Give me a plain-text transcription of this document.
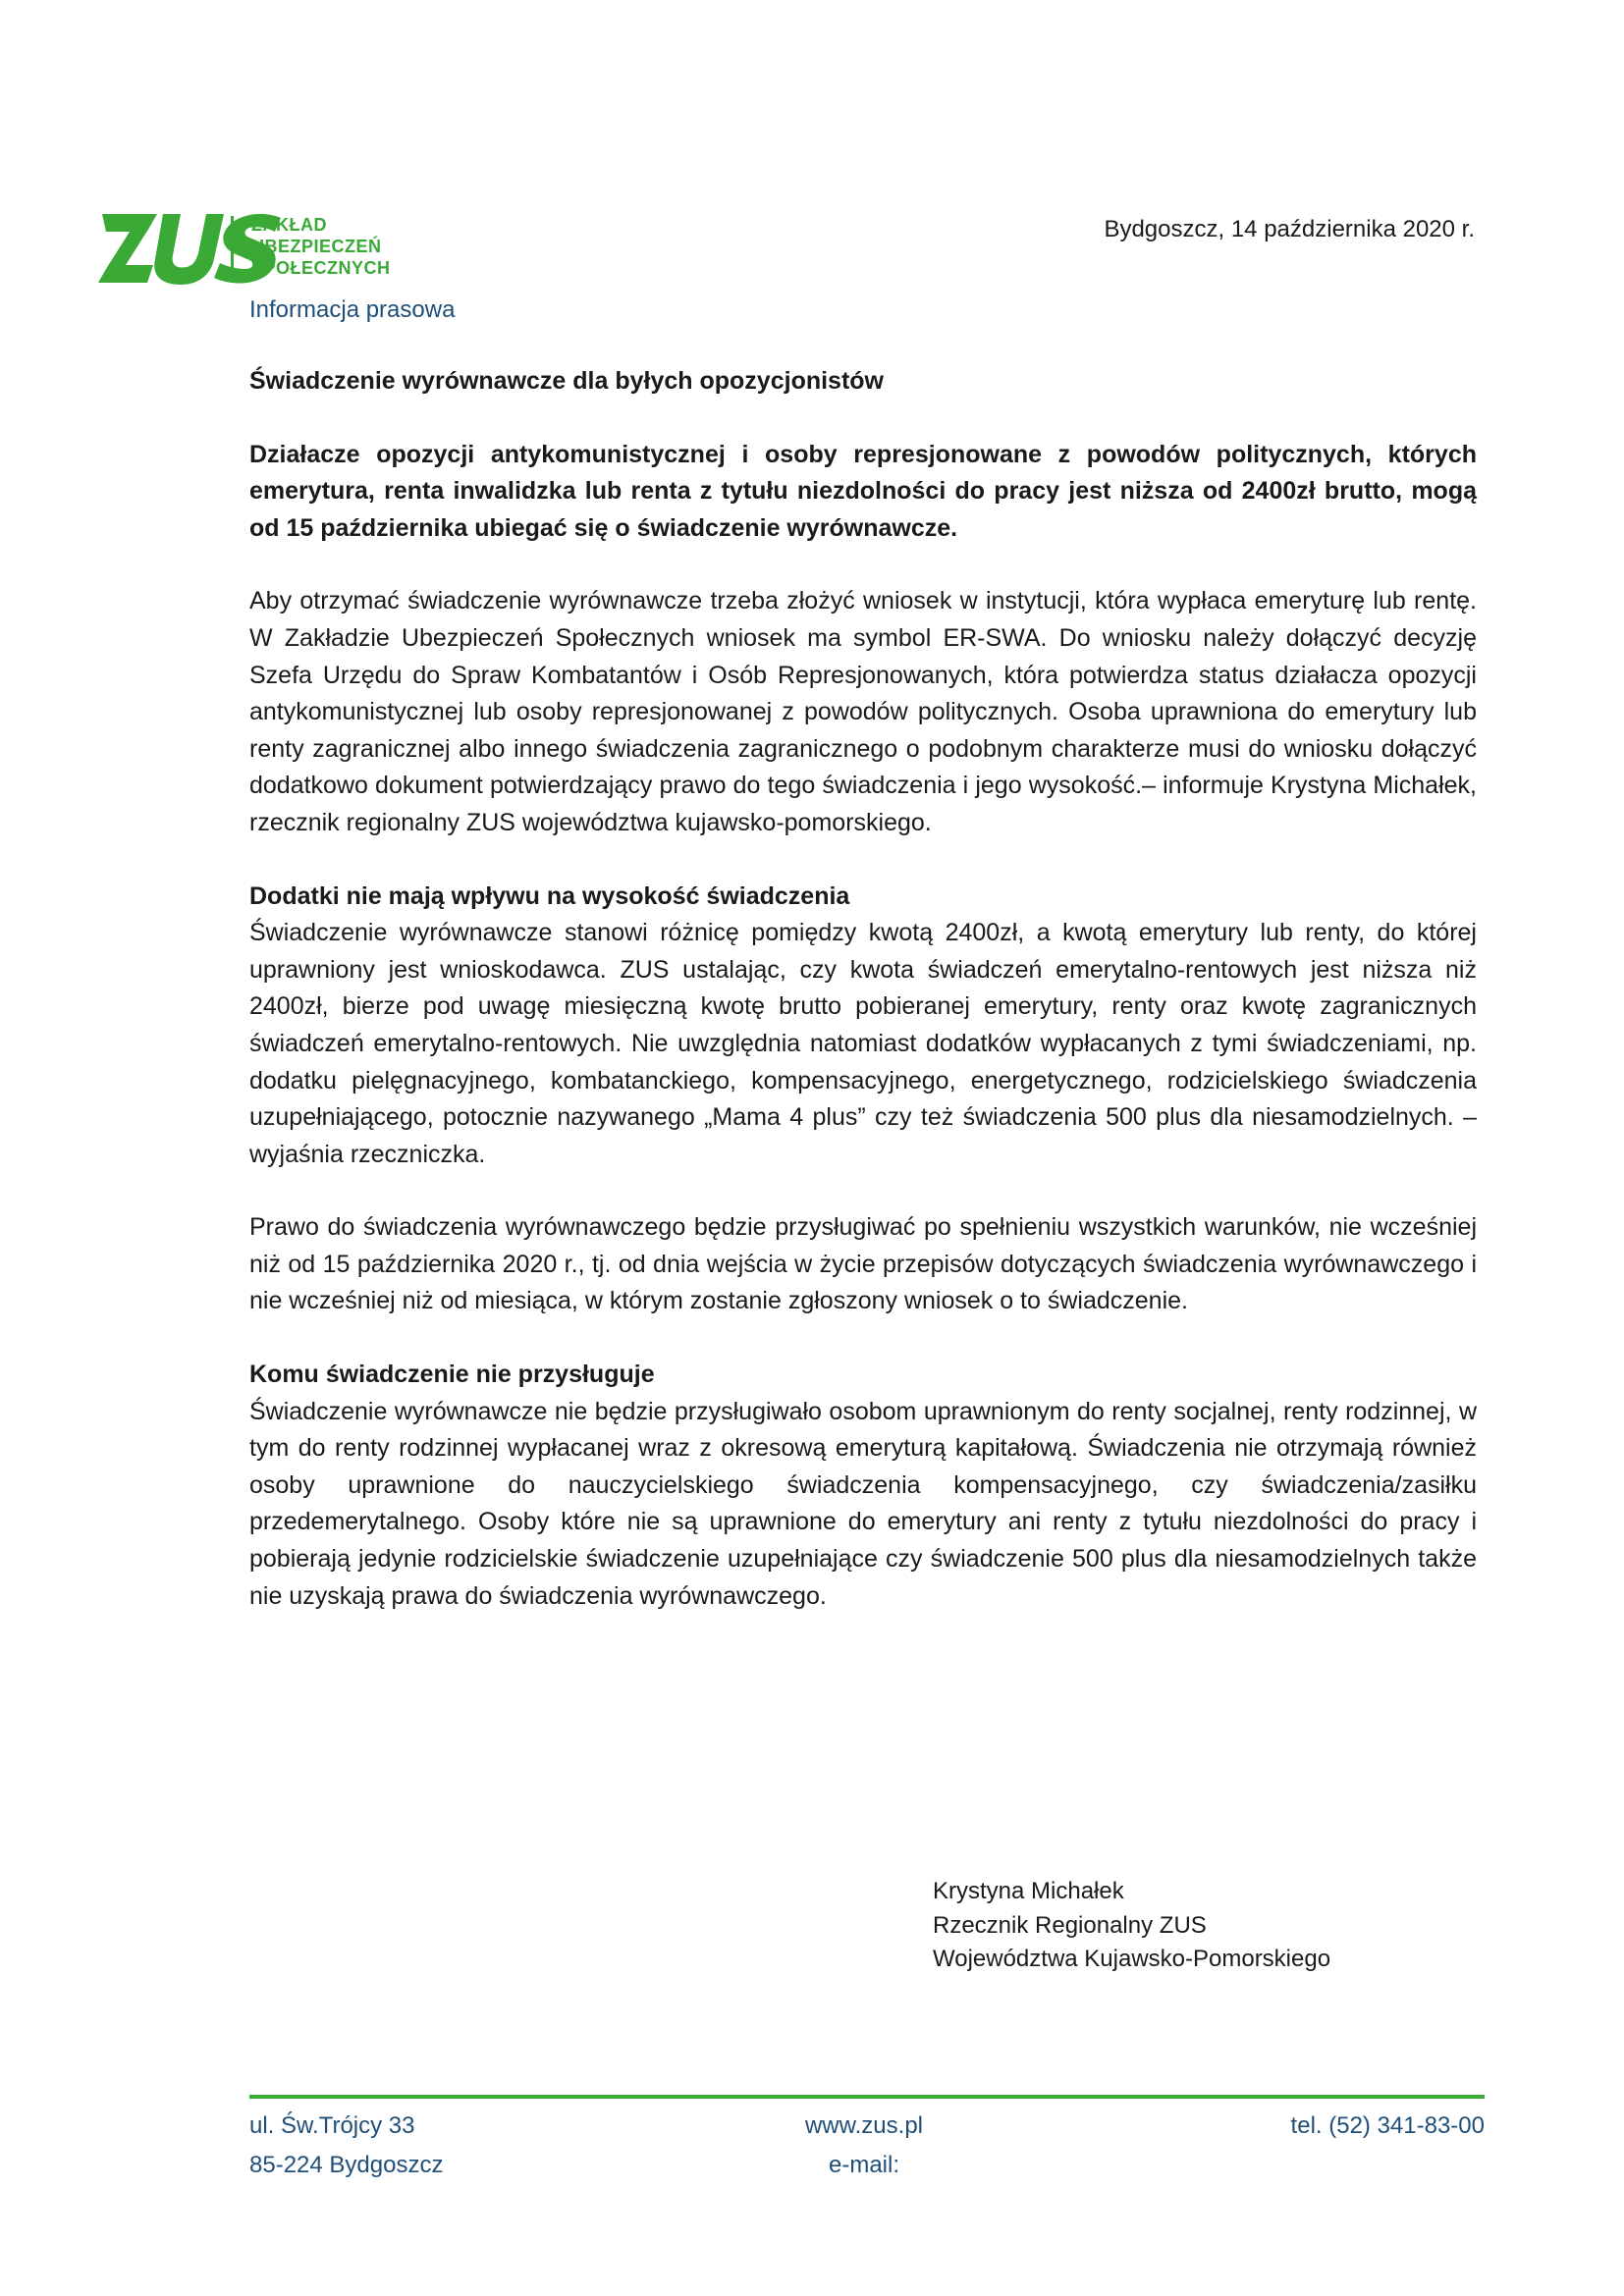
ZUS
ZAKŁAD
UBEZPIECZEŃ
SPOŁECZNYCH
Informacja prasowa
Bydgoszcz, 14 października 2020 r.

Świadczenie wyrównawcze dla byłych opozycjonistów

Działacze opozycji antykomunistycznej i osoby represjonowane z powodów politycznych, których emerytura, renta inwalidzka lub renta z tytułu niezdolności do pracy jest niższa od 2400zł brutto, mogą od 15 października ubiegać się o świadczenie wyrównawcze.

Aby otrzymać świadczenie wyrównawcze trzeba złożyć wniosek w instytucji, która wypłaca emeryturę lub rentę. W Zakładzie Ubezpieczeń Społecznych wniosek ma symbol ER-SWA. Do wniosku należy dołączyć decyzję Szefa Urzędu do Spraw Kombatantów i Osób Represjonowanych, która potwierdza status działacza opozycji antykomunistycznej lub osoby represjonowanej z powodów politycznych. Osoba uprawniona do emerytury lub renty zagranicznej albo innego świadczenia zagranicznego o podobnym charakterze musi do wniosku dołączyć dodatkowo dokument potwierdzający prawo do tego świadczenia i jego wysokość.– informuje Krystyna Michałek, rzecznik regionalny ZUS województwa kujawsko-pomorskiego.

Dodatki nie mają wpływu na wysokość świadczenia

Świadczenie wyrównawcze stanowi różnicę pomiędzy kwotą 2400zł, a kwotą emerytury lub renty, do której uprawniony jest wnioskodawca. ZUS ustalając, czy kwota świadczeń emerytalno-rentowych jest niższa niż 2400zł, bierze pod uwagę miesięczną kwotę brutto pobieranej emerytury, renty oraz kwotę zagranicznych świadczeń emerytalno-rentowych. Nie uwzględnia natomiast dodatków wypłacanych z tymi świadczeniami, np. dodatku pielęgnacyjnego, kombatanckiego, kompensacyjnego, energetycznego, rodzicielskiego świadczenia uzupełniającego, potocznie nazywanego „Mama 4 plus” czy też świadczenia 500 plus dla niesamodzielnych. – wyjaśnia rzeczniczka.

Prawo do świadczenia wyrównawczego będzie przysługiwać po spełnieniu wszystkich warunków, nie wcześniej niż od 15 października 2020 r., tj. od dnia wejścia w życie przepisów dotyczących świadczenia wyrównawczego i nie wcześniej niż od miesiąca, w którym zostanie zgłoszony wniosek o to świadczenie.

Komu świadczenie nie przysługuje

Świadczenie wyrównawcze nie będzie przysługiwało osobom uprawnionym do renty socjalnej, renty rodzinnej, w tym do renty rodzinnej wypłacanej wraz z okresową emeryturą kapitałową. Świadczenia nie otrzymają również osoby uprawnione do nauczycielskiego świadczenia kompensacyjnego, czy świadczenia/zasiłku przedemerytalnego. Osoby które nie są uprawnione do emerytury ani renty z tytułu niezdolności do pracy i pobierają jedynie rodzicielskie świadczenie uzupełniające czy świadczenie 500 plus dla niesamodzielnych także nie uzyskają prawa do świadczenia wyrównawczego.

Krystyna Michałek
Rzecznik Regionalny ZUS
Województwa Kujawsko-Pomorskiego
ul. Św.Trójcy 33
85-224 Bydgoszcz
www.zus.pl
e-mail:
tel. (52) 341-83-00
